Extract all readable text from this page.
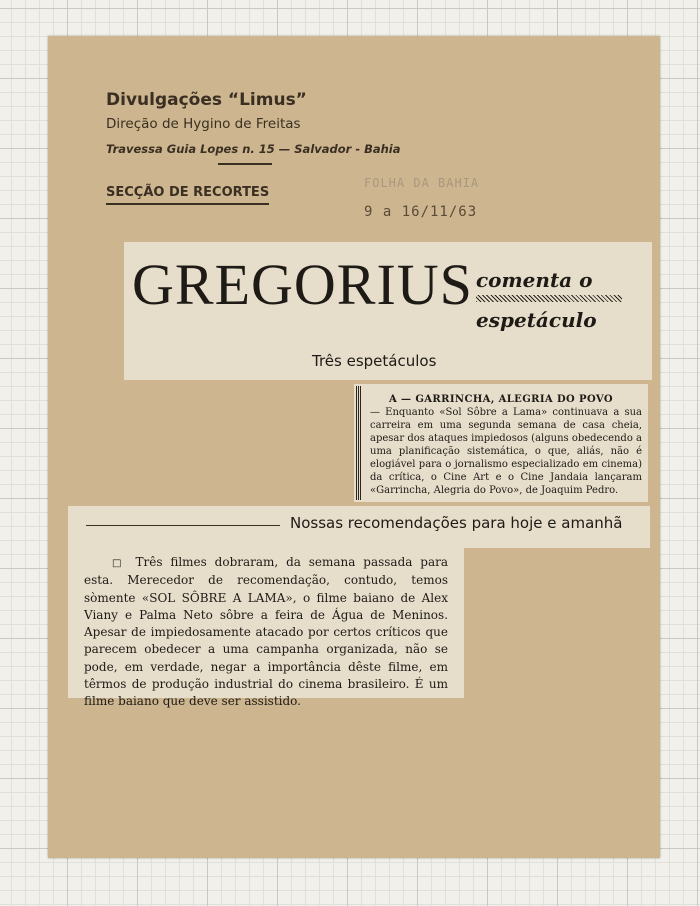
Divulgações “Limus”
Direção de Hygino de Freitas
Travessa Guia Lopes n. 15 — Salvador - Bahia
SECÇÃO DE RECORTES
FOLHA DA BAHIA
9 a 16/11/63
GREGORIUS comenta o
espetáculo
Três espetáculos
A — GARRINCHA, ALEGRIA DO POVO
— Enquanto «Sol Sôbre a Lama» continuava a sua carreira em uma segunda semana de casa cheia, apesar dos ataques impiedosos (alguns obedecendo a uma planificação sistemática, o que, aliás, não é elogiável para o jornalismo especializado em cinema) da crítica, o Cine Art e o Cine Jandaia lançaram «Garrincha, Alegria do Povo», de Joaquim Pedro.
Nossas recomendações para hoje e amanhã
□ Três filmes dobraram, da semana passada para esta. Merecedor de recomendação, contudo, temos sòmente «SOL SÔBRE A LAMA», o filme baiano de Alex Viany e Palma Neto sôbre a feira de Água de Meninos. Apesar de impiedosamente atacado por certos críticos que parecem obedecer a uma campanha organizada, não se pode, em verdade, negar a importância dêste filme, em têrmos de produção industrial do cinema brasileiro. É um filme baiano que deve ser assistido.
